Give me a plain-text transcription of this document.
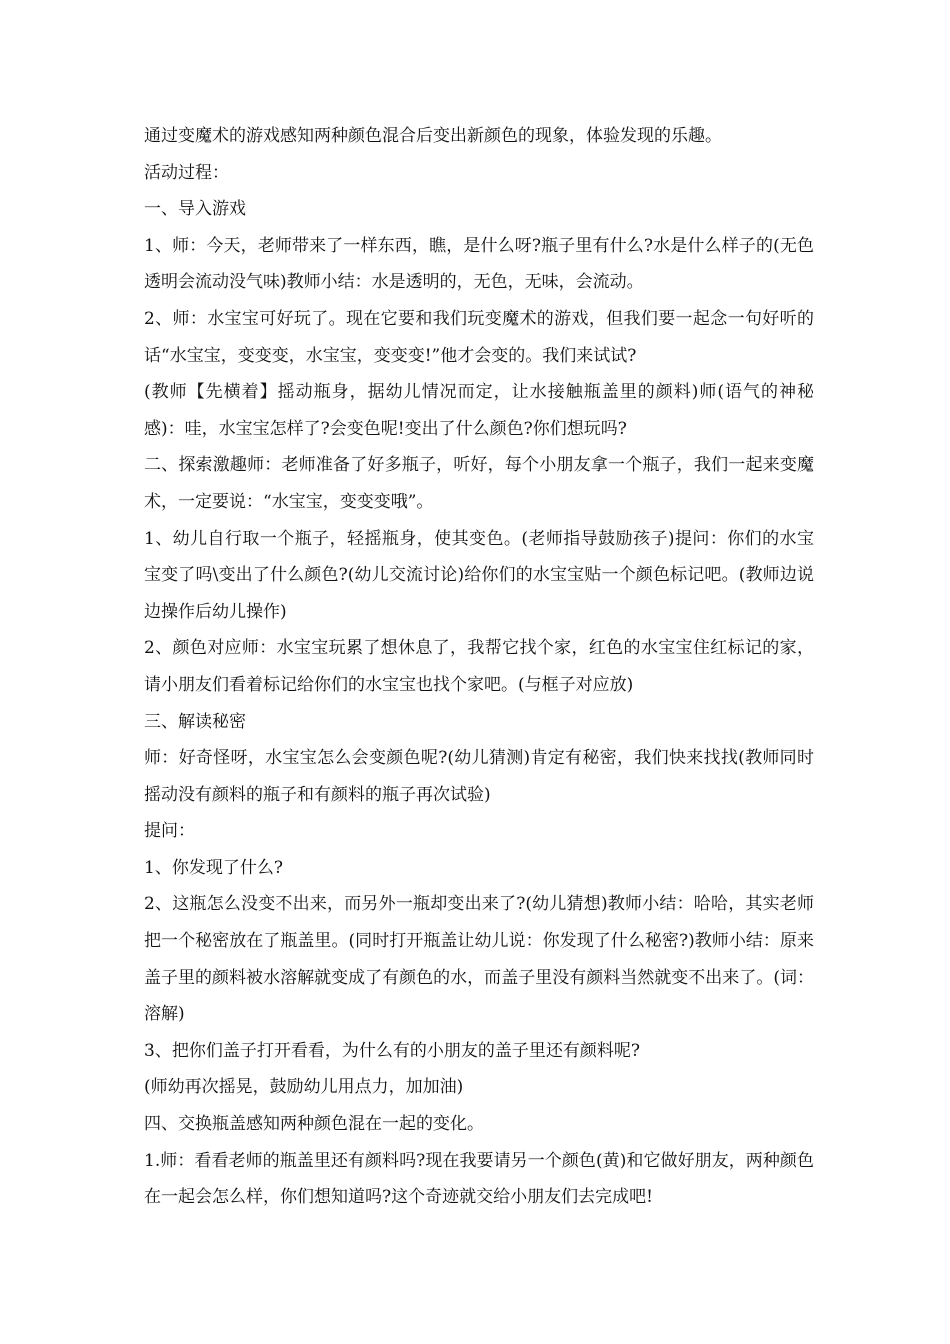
通过变魔术的游戏感知两种颜色混合后变出新颜色的现象，体验发现的乐趣。

活动过程：

一、导入游戏

1、师：今天，老师带来了一样东西，瞧，是什么呀?瓶子里有什么?水是什么样子的(无色透明会流动没气味)教师小结：水是透明的，无色，无味，会流动。

2、师：水宝宝可好玩了。现在它要和我们玩变魔术的游戏，但我们要一起念一句好听的话“水宝宝，变变变，水宝宝，变变变!”他才会变的。我们来试试?

(教师【先横着】摇动瓶身，据幼儿情况而定，让水接触瓶盖里的颜料)师(语气的神秘感)：哇，水宝宝怎样了?会变色呢!变出了什么颜色?你们想玩吗?

二、探索激趣师：老师准备了好多瓶子，听好，每个小朋友拿一个瓶子，我们一起来变魔术，一定要说：“水宝宝，变变变哦”。

1、幼儿自行取一个瓶子，轻摇瓶身，使其变色。(老师指导鼓励孩子)提问：你们的水宝宝变了吗\变出了什么颜色?(幼儿交流讨论)给你们的水宝宝贴一个颜色标记吧。(教师边说边操作后幼儿操作)

2、颜色对应师：水宝宝玩累了想休息了，我帮它找个家，红色的水宝宝住红标记的家，请小朋友们看着标记给你们的水宝宝也找个家吧。(与框子对应放)

三、解读秘密

师：好奇怪呀，水宝宝怎么会变颜色呢?(幼儿猜测)肯定有秘密，我们快来找找(教师同时摇动没有颜料的瓶子和有颜料的瓶子再次试验)

提问：

1、你发现了什么?

2、这瓶怎么没变不出来，而另外一瓶却变出来了?(幼儿猜想)教师小结：哈哈，其实老师把一个秘密放在了瓶盖里。(同时打开瓶盖让幼儿说：你发现了什么秘密?)教师小结：原来盖子里的颜料被水溶解就变成了有颜色的水，而盖子里没有颜料当然就变不出来了。(词：溶解)

3、把你们盖子打开看看，为什么有的小朋友的盖子里还有颜料呢?

(师幼再次摇晃，鼓励幼儿用点力，加加油)

四、交换瓶盖感知两种颜色混在一起的变化。

1.师：看看老师的瓶盖里还有颜料吗?现在我要请另一个颜色(黄)和它做好朋友，两种颜色在一起会怎么样，你们想知道吗?这个奇迹就交给小朋友们去完成吧!
